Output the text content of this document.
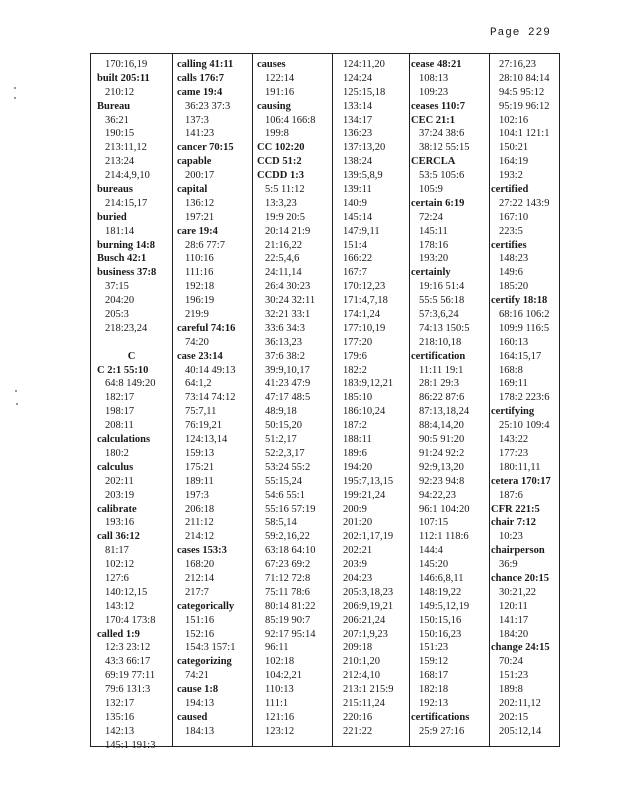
Page 229
170:16,19
built 205:11
210:12
Bureau
36:21
190:15
213:11,12
213:24
214:4,9,10
bureaus
214:15,17
buried
181:14
burning 14:8
Busch 42:1
business 37:8
37:15
204:20
205:3
218:23,24
C
C 2:1 55:10
64:8 149:20
182:17
198:17
208:11
calculations
180:2
calculus
202:11
203:19
calibrate
193:16
call 36:12
81:17
102:12
127:6
140:12,15
143:12
170:4 173:8
called 1:9
12:3 23:12
43:3 66:17
69:19 77:11
79:6 131:3
132:17
135:16
142:13
145:1 191:3
calling 41:11
calls 176:7
came 19:4
36:23 37:3
137:3
141:23
cancer 70:15
capable
200:17
capital
136:12
197:21
care 19:4
28:6 77:7
110:16
111:16
192:18
196:19
219:9
careful 74:16
74:20
case 23:14
40:14 49:13
64:1,2
73:14 74:12
75:7,11
76:19,21
124:13,14
159:13
175:21
189:11
197:3
206:18
211:12
214:12
cases 153:3
168:20
212:14
217:7
categorically
151:16
152:16
154:3 157:1
categorizing
74:21
cause 1:8
194:13
caused
184:13
causes
122:14
191:16
causing
106:4 166:8
199:8
CC 102:20
CCD 51:2
CCDD 1:3
5:5 11:12
13:3,23
19:9 20:5
20:14 21:9
21:16,22
22:5,4,6
24:11,14
26:4 30:23
30:24 32:11
32:21 33:1
33:6 34:3
36:13,23
37:6 38:2
39:9,10,17
41:23 47:9
47:17 48:5
48:9,18
50:15,20
51:2,17
52:2,3,17
53:24 55:2
55:15,24
54:6 55:1
55:16 57:19
58:5,14
59:2,16,22
63:18 64:10
67:23 69:2
71:12 72:8
75:11 78:6
80:14 81:22
85:19 90:7
92:17 95:14
96:11
102:18
104:2,21
110:13
111:1
121:16
123:12
124:11,20
124:24
125:15,18
133:14
134:17
136:23
137:13,20
138:24
139:5,8,9
139:11
140:9
145:14
147:9,11
151:4
166:22
167:7
170:12,23
171:4,7,18
174:1,24
177:10,19
177:20
179:6
182:2
183:9,12,21
185:10
186:10,24
187:2
188:11
189:6
194:20
195:7,13,15
199:21,24
200:9
201:20
202:1,17,19
202:21
203:9
204:23
205:3,18,23
206:9,19,21
206:21,24
207:1,9,23
209:18
210:1,20
212:4,10
213:1 215:9
215:11,24
220:16
221:22
cease 48:21
108:13
109:23
ceases 110:7
CEC 21:1
37:24 38:6
38:12 55:15
CERCLA
53:5 105:6
105:9
certain 6:19
72:24
145:11
178:16
193:20
certainly
19:16 51:4
55:5 56:18
57:3,6,24
74:13 150:5
218:10,18
certification
11:11 19:1
28:1 29:3
86:22 87:6
87:13,18,24
88:4,14,20
90:5 91:20
91:24 92:2
92:9,13,20
92:23 94:8
94:22,23
96:1 104:20
107:15
112:1 118:6
144:4
145:20
146:6,8,11
148:19,22
149:5,12,19
150:15,16
150:16,23
151:23
159:12
168:17
182:18
192:13
certifications
25:9 27:16
27:16,23
28:10 84:14
94:5 95:12
95:19 96:12
102:16
104:1 121:1
150:21
164:19
193:2
certified
27:22 143:9
167:10
223:5
certifies
148:23
149:6
185:20
certify 18:18
68:16 106:2
109:9 116:5
160:13
164:15,17
168:8
169:11
178:2 223:6
certifying
25:10 109:4
143:22
177:23
180:11,11
cetera 170:17
187:6
CFR 221:5
chair 7:12
10:23
chairperson
36:9
chance 20:15
30:21,22
120:11
141:17
184:20
change 24:15
70:24
151:23
189:8
202:11,12
202:15
205:12,14
